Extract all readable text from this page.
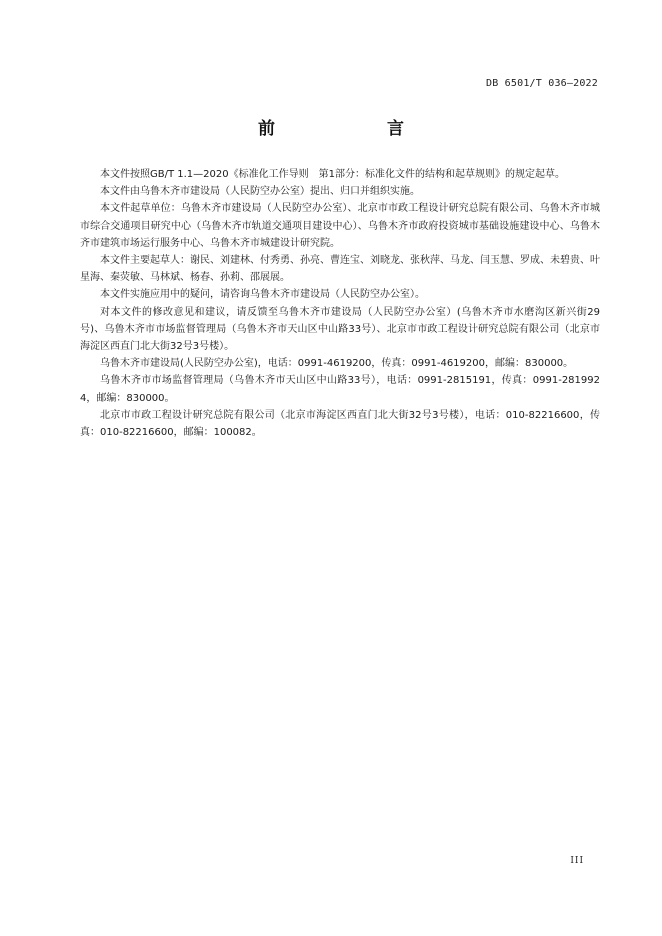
DB 6501/T 036—2022
前　　言

本文件按照GB/T 1.1—2020《标准化工作导则　第1部分：标准化文件的结构和起草规则》的规定起草。

本文件由乌鲁木齐市建设局（人民防空办公室）提出、归口并组织实施。

本文件起草单位：乌鲁木齐市建设局（人民防空办公室）、北京市市政工程设计研究总院有限公司、乌鲁木齐市城市综合交通项目研究中心（乌鲁木齐市轨道交通项目建设中心）、乌鲁木齐市政府投资城市基础设施建设中心、乌鲁木齐市建筑市场运行服务中心、乌鲁木齐市城建设计研究院。

本文件主要起草人：谢民、刘建林、付秀勇、孙亮、曹连宝、刘晓龙、张秋萍、马龙、闫玉慧、罗成、未碧贵、叶星海、秦荧敏、马林斌、杨春、孙莉、邵展展。

本文件实施应用中的疑问，请咨询乌鲁木齐市建设局（人民防空办公室）。

对本文件的修改意见和建议，请反馈至乌鲁木齐市建设局（人民防空办公室）(乌鲁木齐市水磨沟区新兴街29号)、乌鲁木齐市市场监督管理局（乌鲁木齐市天山区中山路33号）、北京市市政工程设计研究总院有限公司（北京市海淀区西直门北大街32号3号楼）。

乌鲁木齐市建设局(人民防空办公室)，电话：0991-4619200，传真：0991-4619200，邮编：830000。

乌鲁木齐市市场监督管理局（乌鲁木齐市天山区中山路33号），电话：0991-2815191，传真：0991-2819924，邮编：830000。

北京市市政工程设计研究总院有限公司（北京市海淀区西直门北大街32号3号楼），电话：010-82216600，传真：010-82216600，邮编：100082。

III
